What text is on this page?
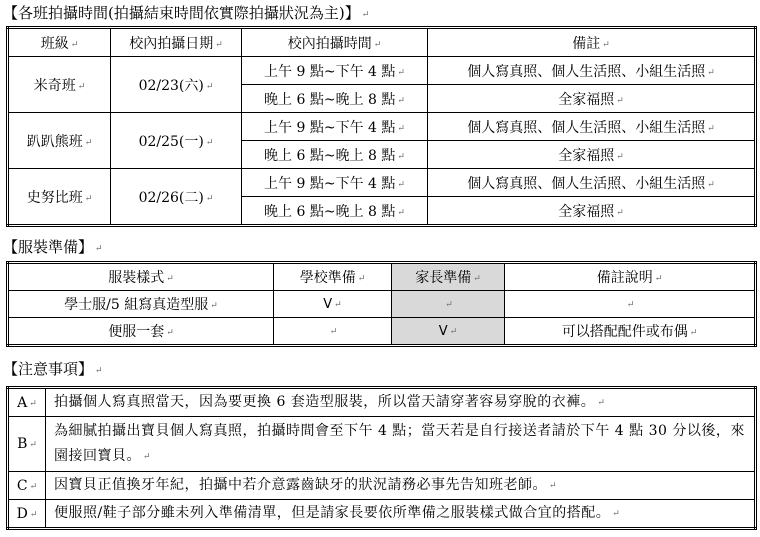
【各班拍攝時間(拍攝結束時間依實際拍攝狀況為主)】 ↵
班級 ↵	校內拍攝日期 ↵	校內拍攝時間 ↵	備註 ↵
米奇班 ↵	02/23(六) ↵	上午 9 點~下午 4 點 ↵	個人寫真照、個人生活照、小組生活照 ↵
		晚上 6 點~晚上 8 點 ↵	全家福照 ↵
趴趴熊班 ↵	02/25(一) ↵	上午 9 點~下午 4 點 ↵	個人寫真照、個人生活照、小組生活照 ↵
		晚上 6 點~晚上 8 點 ↵	全家福照 ↵
史努比班 ↵	02/26(二) ↵	上午 9 點~下午 4 點 ↵	個人寫真照、個人生活照、小組生活照 ↵
		晚上 6 點~晚上 8 點 ↵	全家福照 ↵
【服裝準備】 ↵
服裝樣式 ↵	學校準備 ↵	家長準備 ↵	備註說明 ↵
學士服/5 組寫真造型服 ↵	V ↵	↵	↵
便服一套 ↵	↵	V ↵	可以搭配配件或布偶 ↵
【注意事項】 ↵
A ↵	拍攝個人寫真照當天，因為要更換 6 套造型服裝，所以當天請穿著容易穿脫的衣褲。 ↵
B ↵	為細膩拍攝出寶貝個人寫真照，拍攝時間會至下午 4 點；當天若是自行接送者請於下午 4 點 30 分以後，來園接回寶貝。 ↵
C ↵	因寶貝正值換牙年紀，拍攝中若介意露齒缺牙的狀況請務必事先告知班老師。 ↵
D ↵	便服照/鞋子部分雖未列入準備清單，但是請家長要依所準備之服裝樣式做合宜的搭配。 ↵
